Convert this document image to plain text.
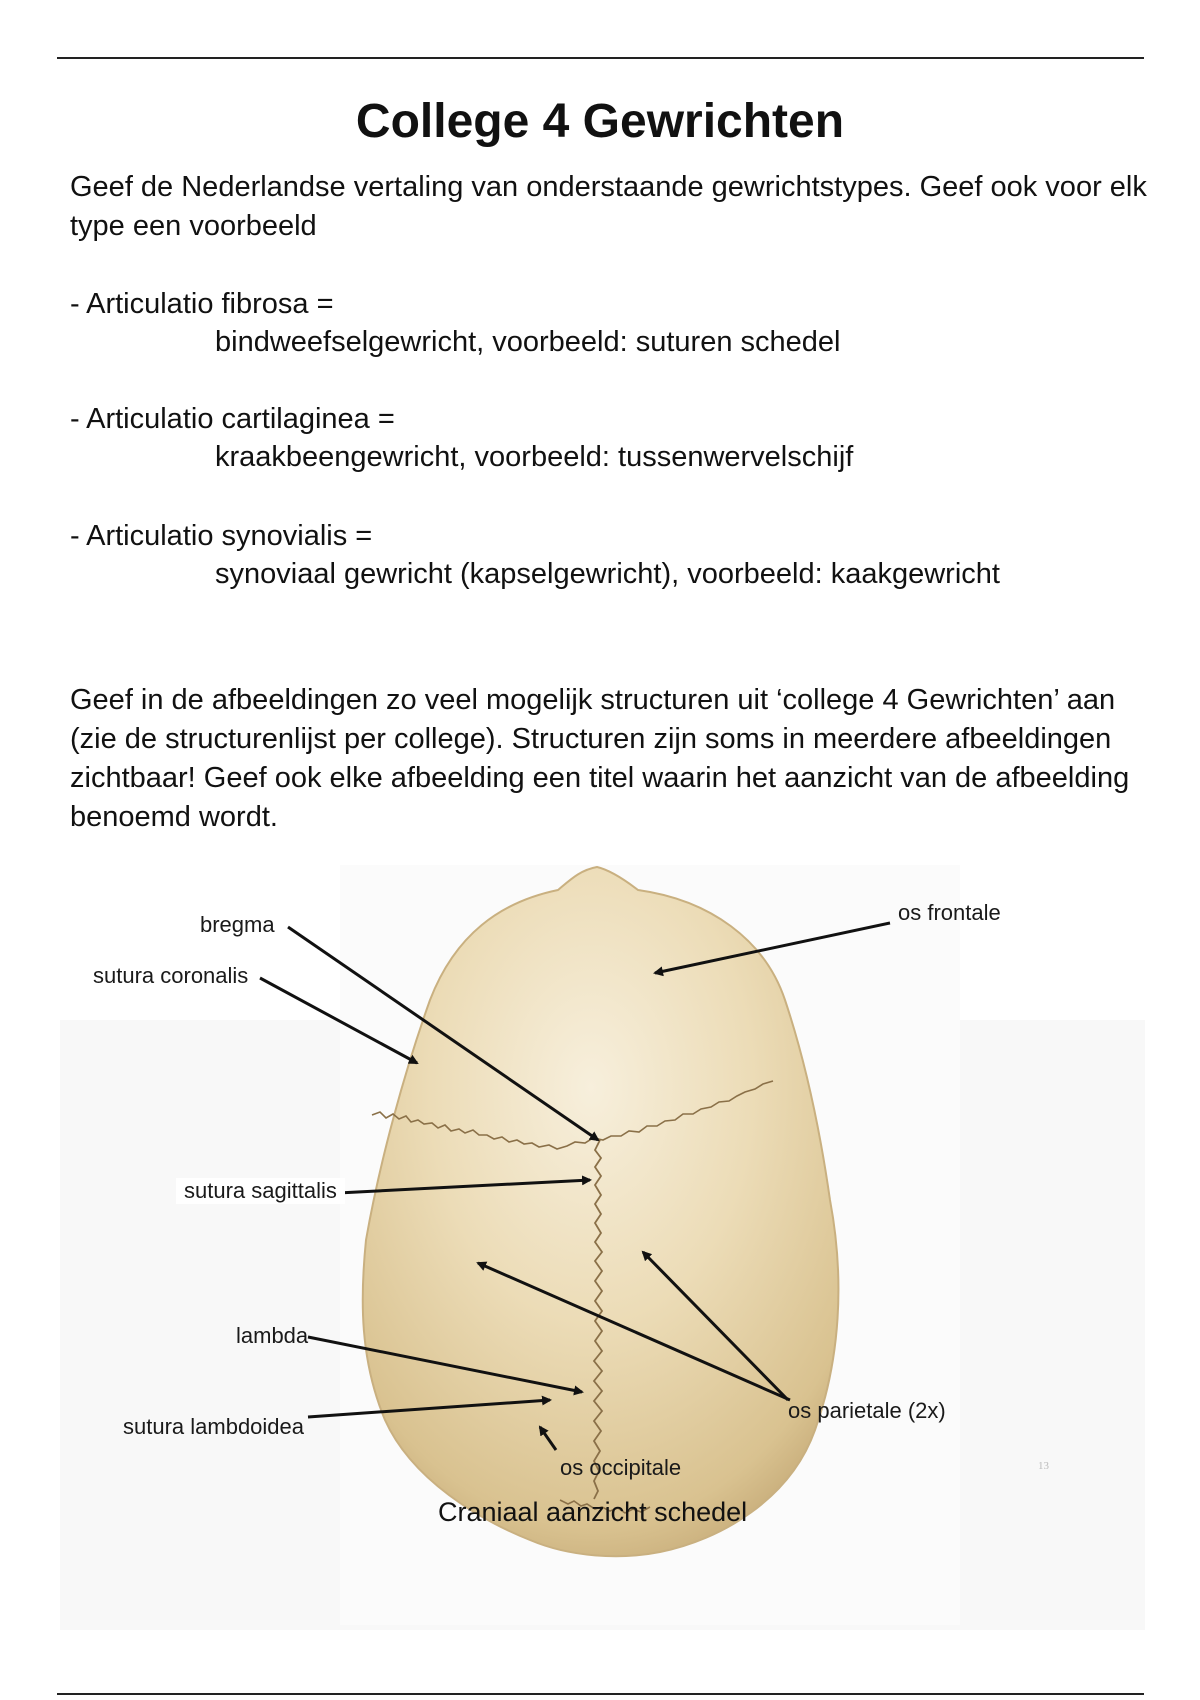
College 4 Gewrichten

Geef de Nederlandse vertaling van onderstaande gewrichtstypes. Geef ook voor elk type een voorbeeld

- Articulatio fibrosa =
bindweefselgewricht, voorbeeld: suturen schedel
- Articulatio cartilaginea =
kraakbeengewricht, voorbeeld: tussenwervelschijf
- Articulatio synovialis =
synoviaal gewricht (kapselgewricht), voorbeeld: kaakgewricht

Geef in de afbeeldingen zo veel mogelijk structuren uit ‘college 4 Gewrichten’ aan (zie de structurenlijst per college). Structuren zijn soms in meerdere afbeeldingen zichtbaar! Geef ook elke afbeelding een titel waarin het aanzicht van de afbeelding benoemd wordt.

bregma
sutura coronalis
os frontale
sutura sagittalis
lambda
sutura lambdoidea
os parietale (2x)
os occipitale	13
Craniaal aanzicht schedel
